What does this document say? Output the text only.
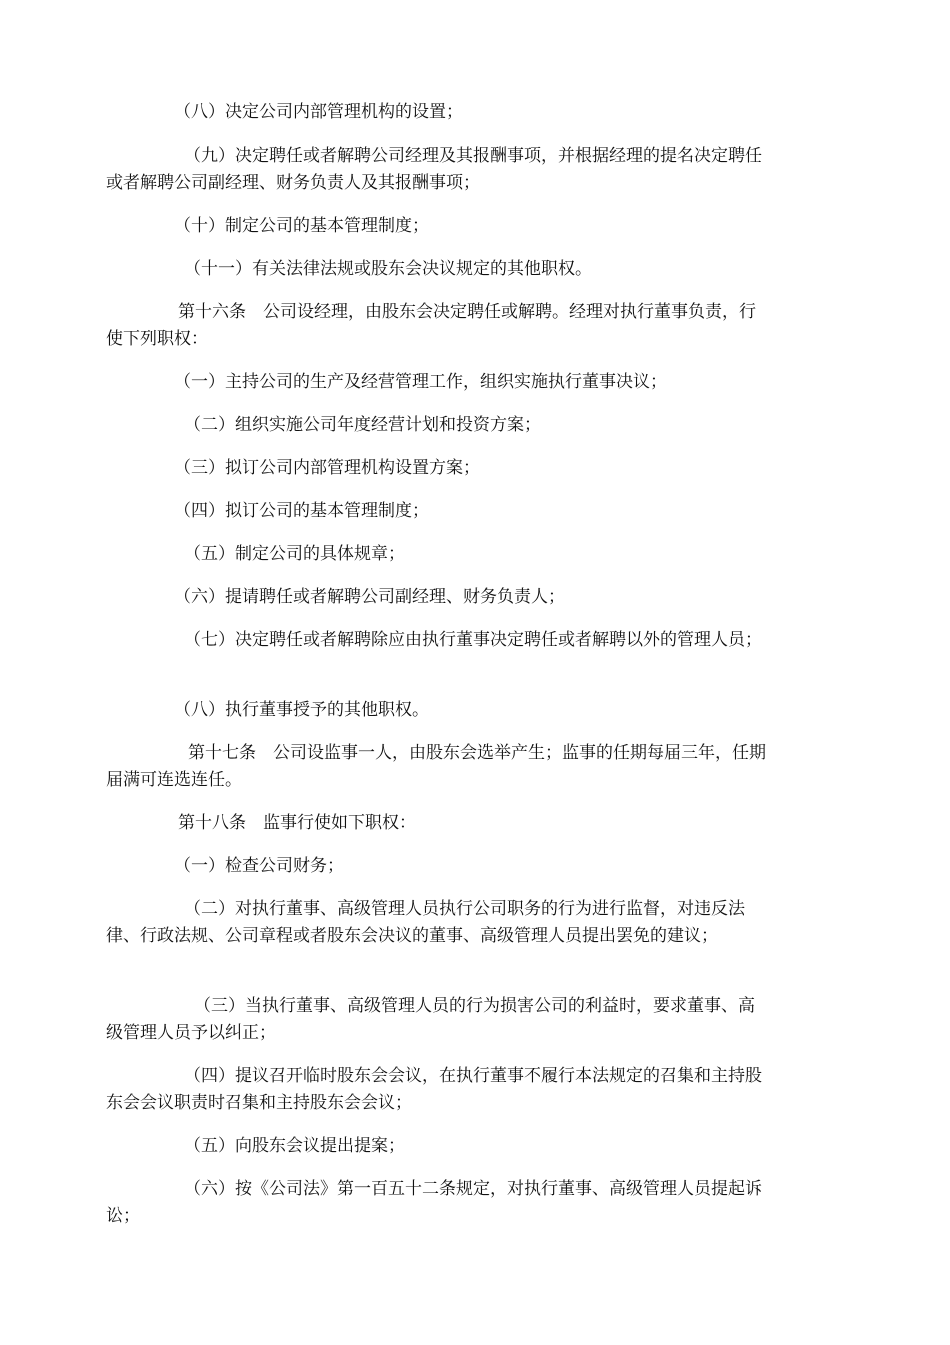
（八）决定公司内部管理机构的设置；

（九）决定聘任或者解聘公司经理及其报酬事项，并根据经理的提名决定聘任或者解聘公司副经理、财务负责人及其报酬事项；

（十）制定公司的基本管理制度；

（十一）有关法律法规或股东会决议规定的其他职权。

第十六条　公司设经理，由股东会决定聘任或解聘。经理对执行董事负责，行使下列职权：

（一）主持公司的生产及经营管理工作，组织实施执行董事决议；

（二）组织实施公司年度经营计划和投资方案；

（三）拟订公司内部管理机构设置方案；

（四）拟订公司的基本管理制度；

（五）制定公司的具体规章；

（六）提请聘任或者解聘公司副经理、财务负责人；

（七）决定聘任或者解聘除应由执行董事决定聘任或者解聘以外的管理人员；

（八）执行董事授予的其他职权。

第十七条　公司设监事一人，由股东会选举产生；监事的任期每届三年，任期届满可连选连任。

第十八条　监事行使如下职权：

（一）检查公司财务；

（二）对执行董事、高级管理人员执行公司职务的行为进行监督，对违反法律、行政法规、公司章程或者股东会决议的董事、高级管理人员提出罢免的建议；

（三）当执行董事、高级管理人员的行为损害公司的利益时，要求董事、高级管理人员予以纠正；

（四）提议召开临时股东会会议，在执行董事不履行本法规定的召集和主持股东会会议职责时召集和主持股东会会议；

（五）向股东会议提出提案；

（六）按《公司法》第一百五十二条规定，对执行董事、高级管理人员提起诉讼；
